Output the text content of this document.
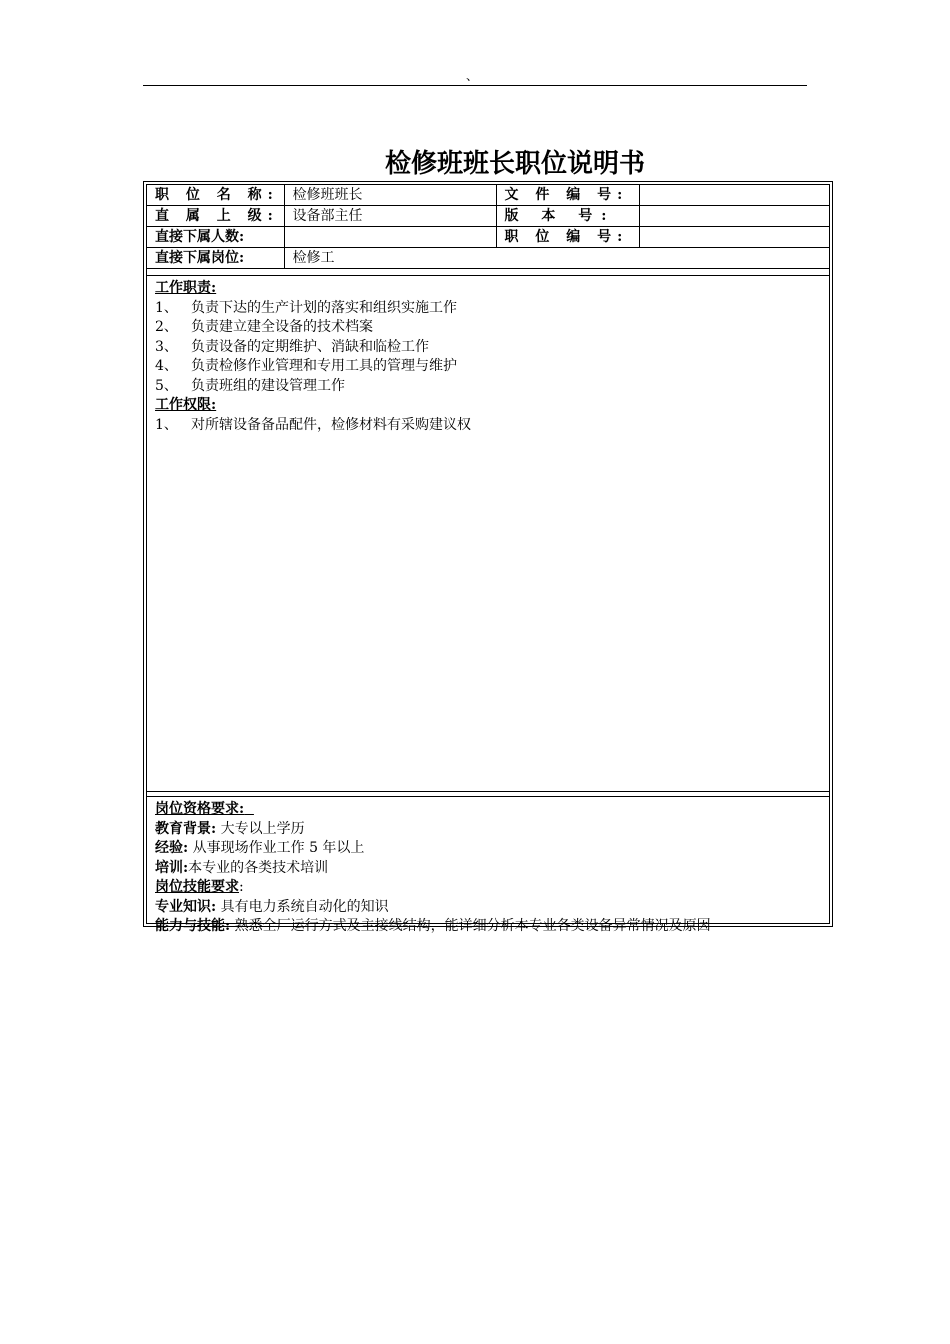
、
检修班班长职位说明书
职 位 名 称:	检修班班长	文 件 编 号:	
直 属 上 级:	设备部主任	版 本 号:	
直接下属人数:		职 位 编 号:	
直接下属岗位:	检修工		
工作职责:
1、 负责下达的生产计划的落实和组织实施工作
2、 负责建立建全设备的技术档案
3、 负责设备的定期维护、消缺和临检工作
4、 负责检修作业管理和专用工具的管理与维护
5、 负责班组的建设管理工作
工作权限:
1、 对所辖设备备品配件，检修材料有采购建议权
岗位资格要求:
教育背景: 大专以上学历
经验: 从事现场作业工作 5 年以上
培训:本专业的各类技术培训
岗位技能要求:
专业知识: 具有电力系统自动化的知识
能力与技能: 熟悉全厂运行方式及主接线结构，能详细分析本专业各类设备异常情况及原因
